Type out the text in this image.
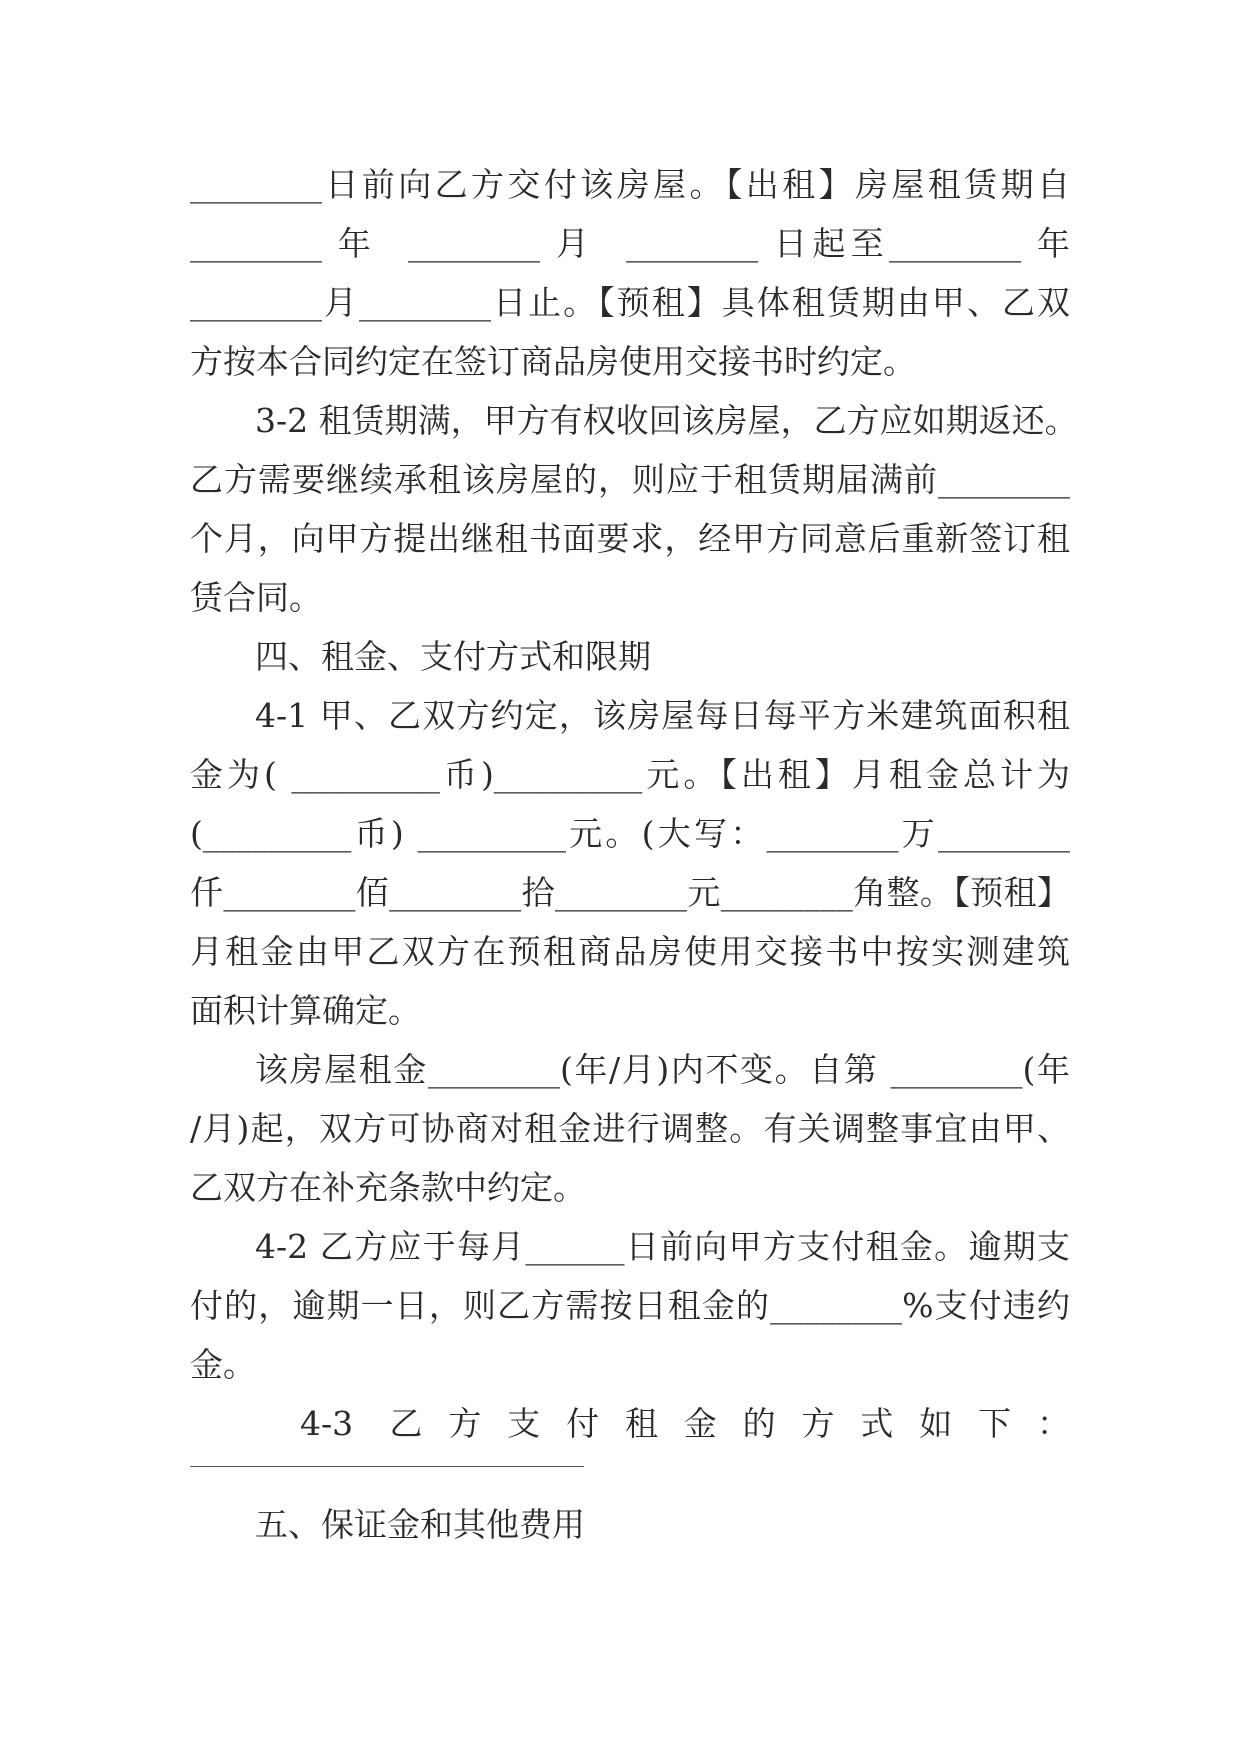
________日前向乙方交付该房屋。【出租】房屋租赁期自
________ 年  ________ 月  ________ 日起至________ 年
________月________日止。【预租】具体租赁期由甲、乙双
方按本合同约定在签订商品房使用交接书时约定。
3-2 租赁期满，甲方有权收回该房屋，乙方应如期返还。
乙方需要继续承租该房屋的，则应于租赁期届满前________
个月，向甲方提出继租书面要求，经甲方同意后重新签订租
赁合同。
四、租金、支付方式和限期
4-1 甲、乙双方约定，该房屋每日每平方米建筑面积租
金为( _________币)_________元。【出租】月租金总计为
(_________币) _________元。(大写：________万________
仟________佰________拾________元________角整。【预租】
月租金由甲乙双方在预租商品房使用交接书中按实测建筑
面积计算确定。
该房屋租金________(年/月)内不变。自第 ________(年
/月)起，双方可协商对租金进行调整。有关调整事宜由甲、
乙双方在补充条款中约定。
4-2 乙方应于每月______日前向甲方支付租金。逾期支
付的，逾期一日，则乙方需按日租金的________%支付违约
金。
4-3  乙 方 支 付 租 金 的 方 式 如 下 ：
五、保证金和其他费用
